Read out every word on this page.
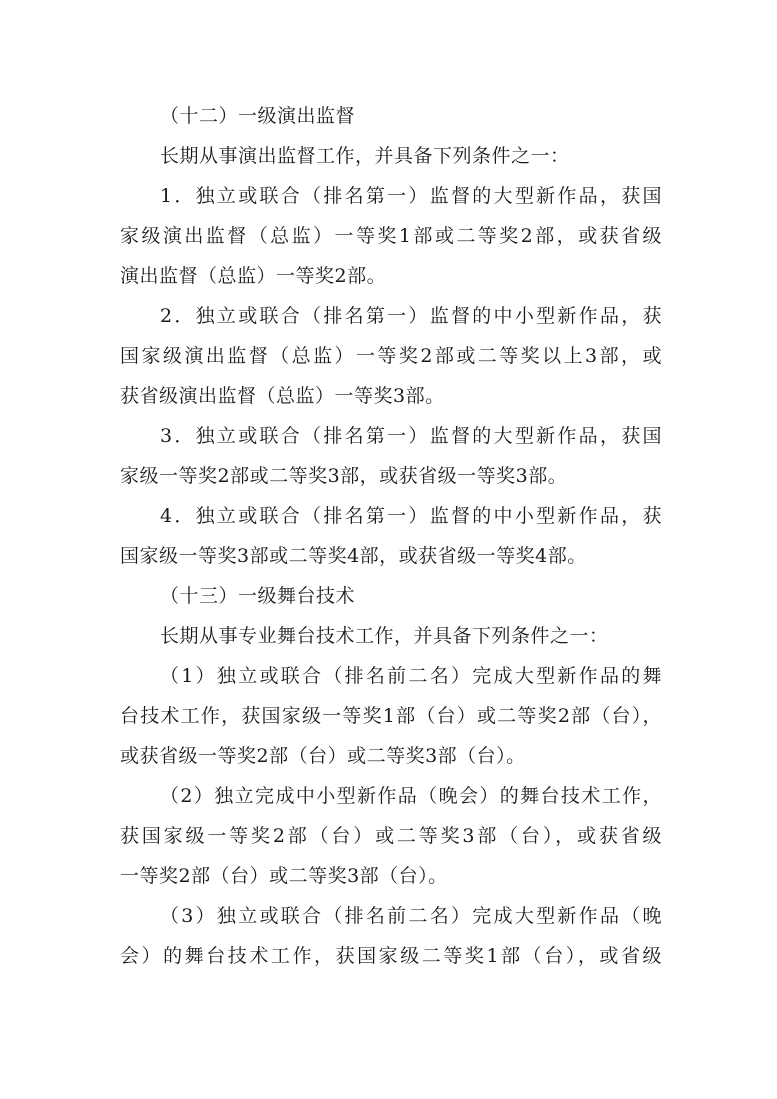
（十二）一级演出监督
长期从事演出监督工作，并具备下列条件之一：
1．独立或联合（排名第一）监督的大型新作品，获国
家级演出监督（总监）一等奖1部或二等奖2部，或获省级
演出监督（总监）一等奖2部。
2．独立或联合（排名第一）监督的中小型新作品，获
国家级演出监督（总监）一等奖2部或二等奖以上3部，或
获省级演出监督（总监）一等奖3部。
3．独立或联合（排名第一）监督的大型新作品，获国
家级一等奖2部或二等奖3部，或获省级一等奖3部。
4．独立或联合（排名第一）监督的中小型新作品，获
国家级一等奖3部或二等奖4部，或获省级一等奖4部。
（十三）一级舞台技术
长期从事专业舞台技术工作，并具备下列条件之一：
（1）独立或联合（排名前二名）完成大型新作品的舞
台技术工作，获国家级一等奖1部（台）或二等奖2部（台），
或获省级一等奖2部（台）或二等奖3部（台）。
（2）独立完成中小型新作品（晚会）的舞台技术工作，
获国家级一等奖2部（台）或二等奖3部（台），或获省级
一等奖2部（台）或二等奖3部（台）。
（3）独立或联合（排名前二名）完成大型新作品（晚
会）的舞台技术工作，获国家级二等奖1部（台），或省级
